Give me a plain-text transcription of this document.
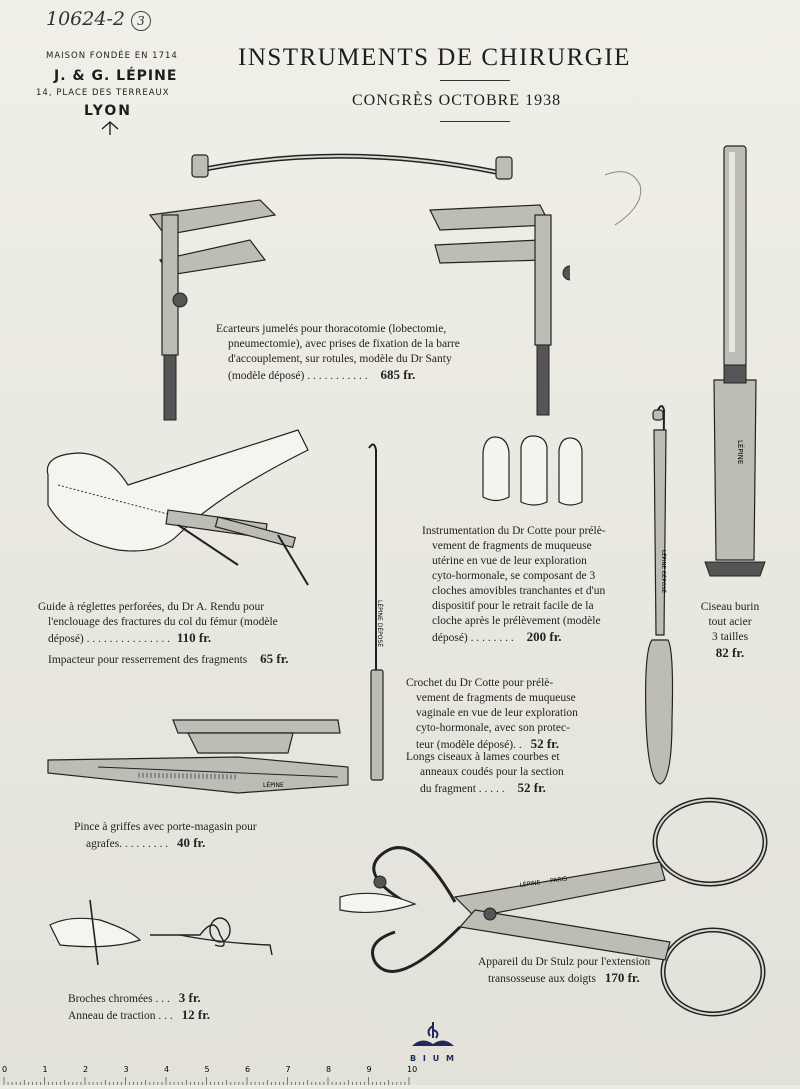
10624-2 3
MAISON FONDÉE EN 1714
J. & G. LÉPINE
14, PLACE DES TERREAUX
LYON
INSTRUMENTS DE CHIRURGIE
CONGRÈS OCTOBRE 1938

Ecarteurs jumelés pour thoracotomie (lobectomie,

pneumectomie), avec prises de fixation de la barre

d'accouplement, sur rotules, modèle du Dr Santy

(modèle déposé) . . . . . . . . . . . 685 fr.

Guide à réglettes perforées, du Dr A. Rendu pour

l'enclouage des fractures du col du fémur (modèle

déposé) . . . . . . . . . . . . . . . 110 fr.

Impacteur pour resserrement des fragments 65 fr.

LÉPINE DÉPOSÉ

Instrumentation du Dr Cotte pour prélè-

vement de fragments de muqueuse

utérine en vue de leur exploration

cyto-hormonale, se composant de 3

cloches amovibles tranchantes et d'un

dispositif pour le retrait facile de la

cloche après le prélèvement (modèle

déposé) . . . . . . . . 200 fr.

LÉPINE

Ciseau burin

tout acier

3 tailles

82 fr.

LÉPINE DÉPOSÉ

Crochet du Dr Cotte pour prélè-

vement de fragments de muqueuse

vaginale en vue de leur exploration

cyto-hormonale, avec son protec-

teur (modèle déposé). . 52 fr.

Longs ciseaux à lames courbes et

anneaux coudés pour la section

du fragment . . . . . 52 fr.

LÉPINE

Pince à griffes avec porte-magasin pour

agrafes. . . . . . . . . 40 fr.

Broches chromées . . . 3 fr.

Anneau de traction . . . 12 fr.

LÉPINE — PARIS

Appareil du Dr Stulz pour l'extension

transosseuse aux doigts 170 fr.

B I U M
0	1	2	3	4	5	6	7	8	9	10
